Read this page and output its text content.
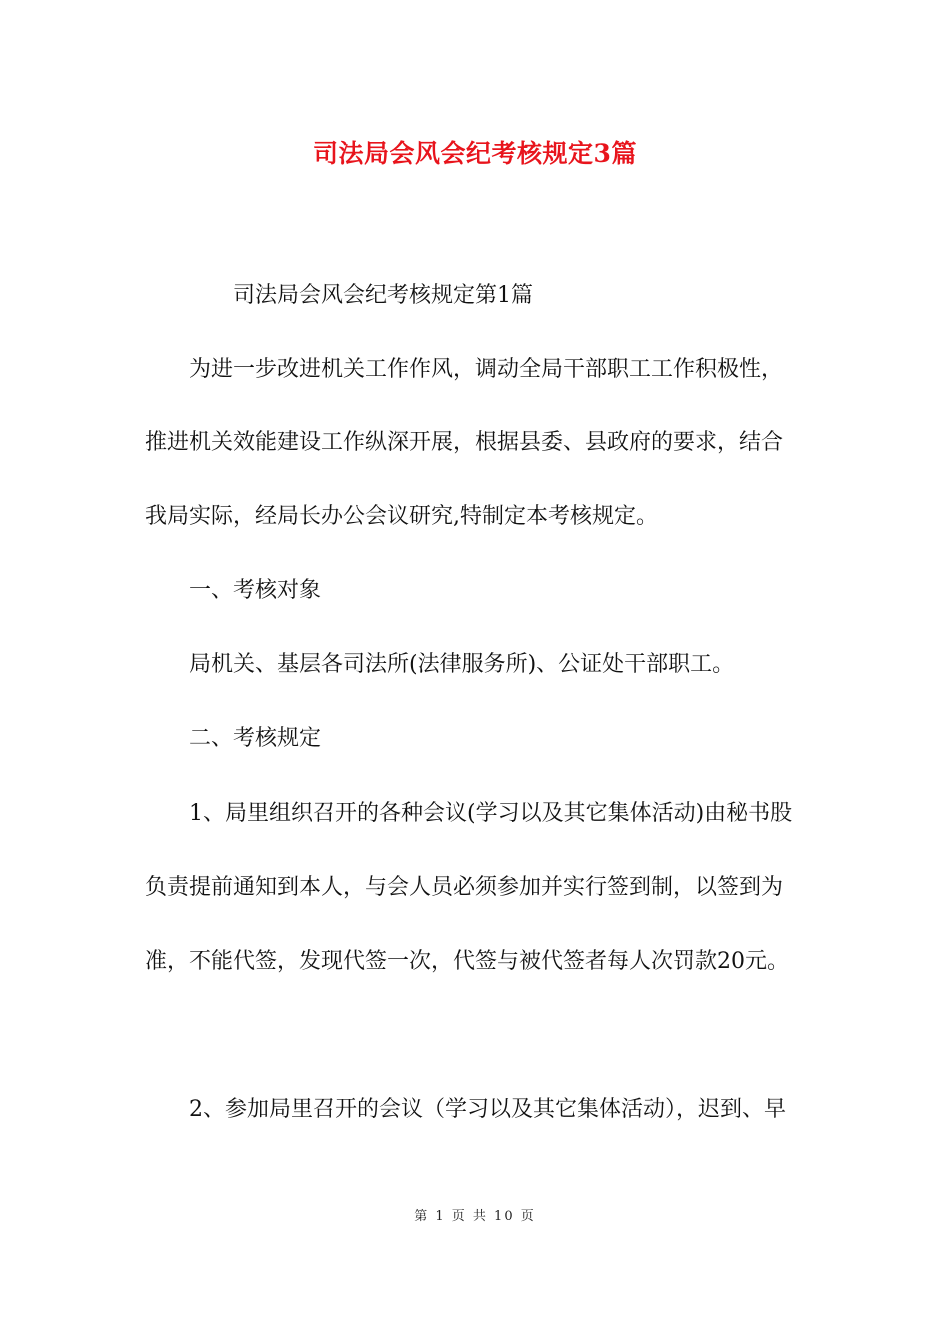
司法局会风会纪考核规定3篇
司法局会风会纪考核规定第1篇
为进一步改进机关工作作风，调动全局干部职工工作积极性，
推进机关效能建设工作纵深开展，根据县委、县政府的要求，结合
我局实际，经局长办公会议研究,特制定本考核规定。
一、考核对象
局机关、基层各司法所(法律服务所)、公证处干部职工。
二、考核规定
1、局里组织召开的各种会议(学习以及其它集体活动)由秘书股
负责提前通知到本人，与会人员必须参加并实行签到制，以签到为
准，不能代签，发现代签一次，代签与被代签者每人次罚款20元。
2、参加局里召开的会议（学习以及其它集体活动），迟到、早
第 1 页 共 10 页
